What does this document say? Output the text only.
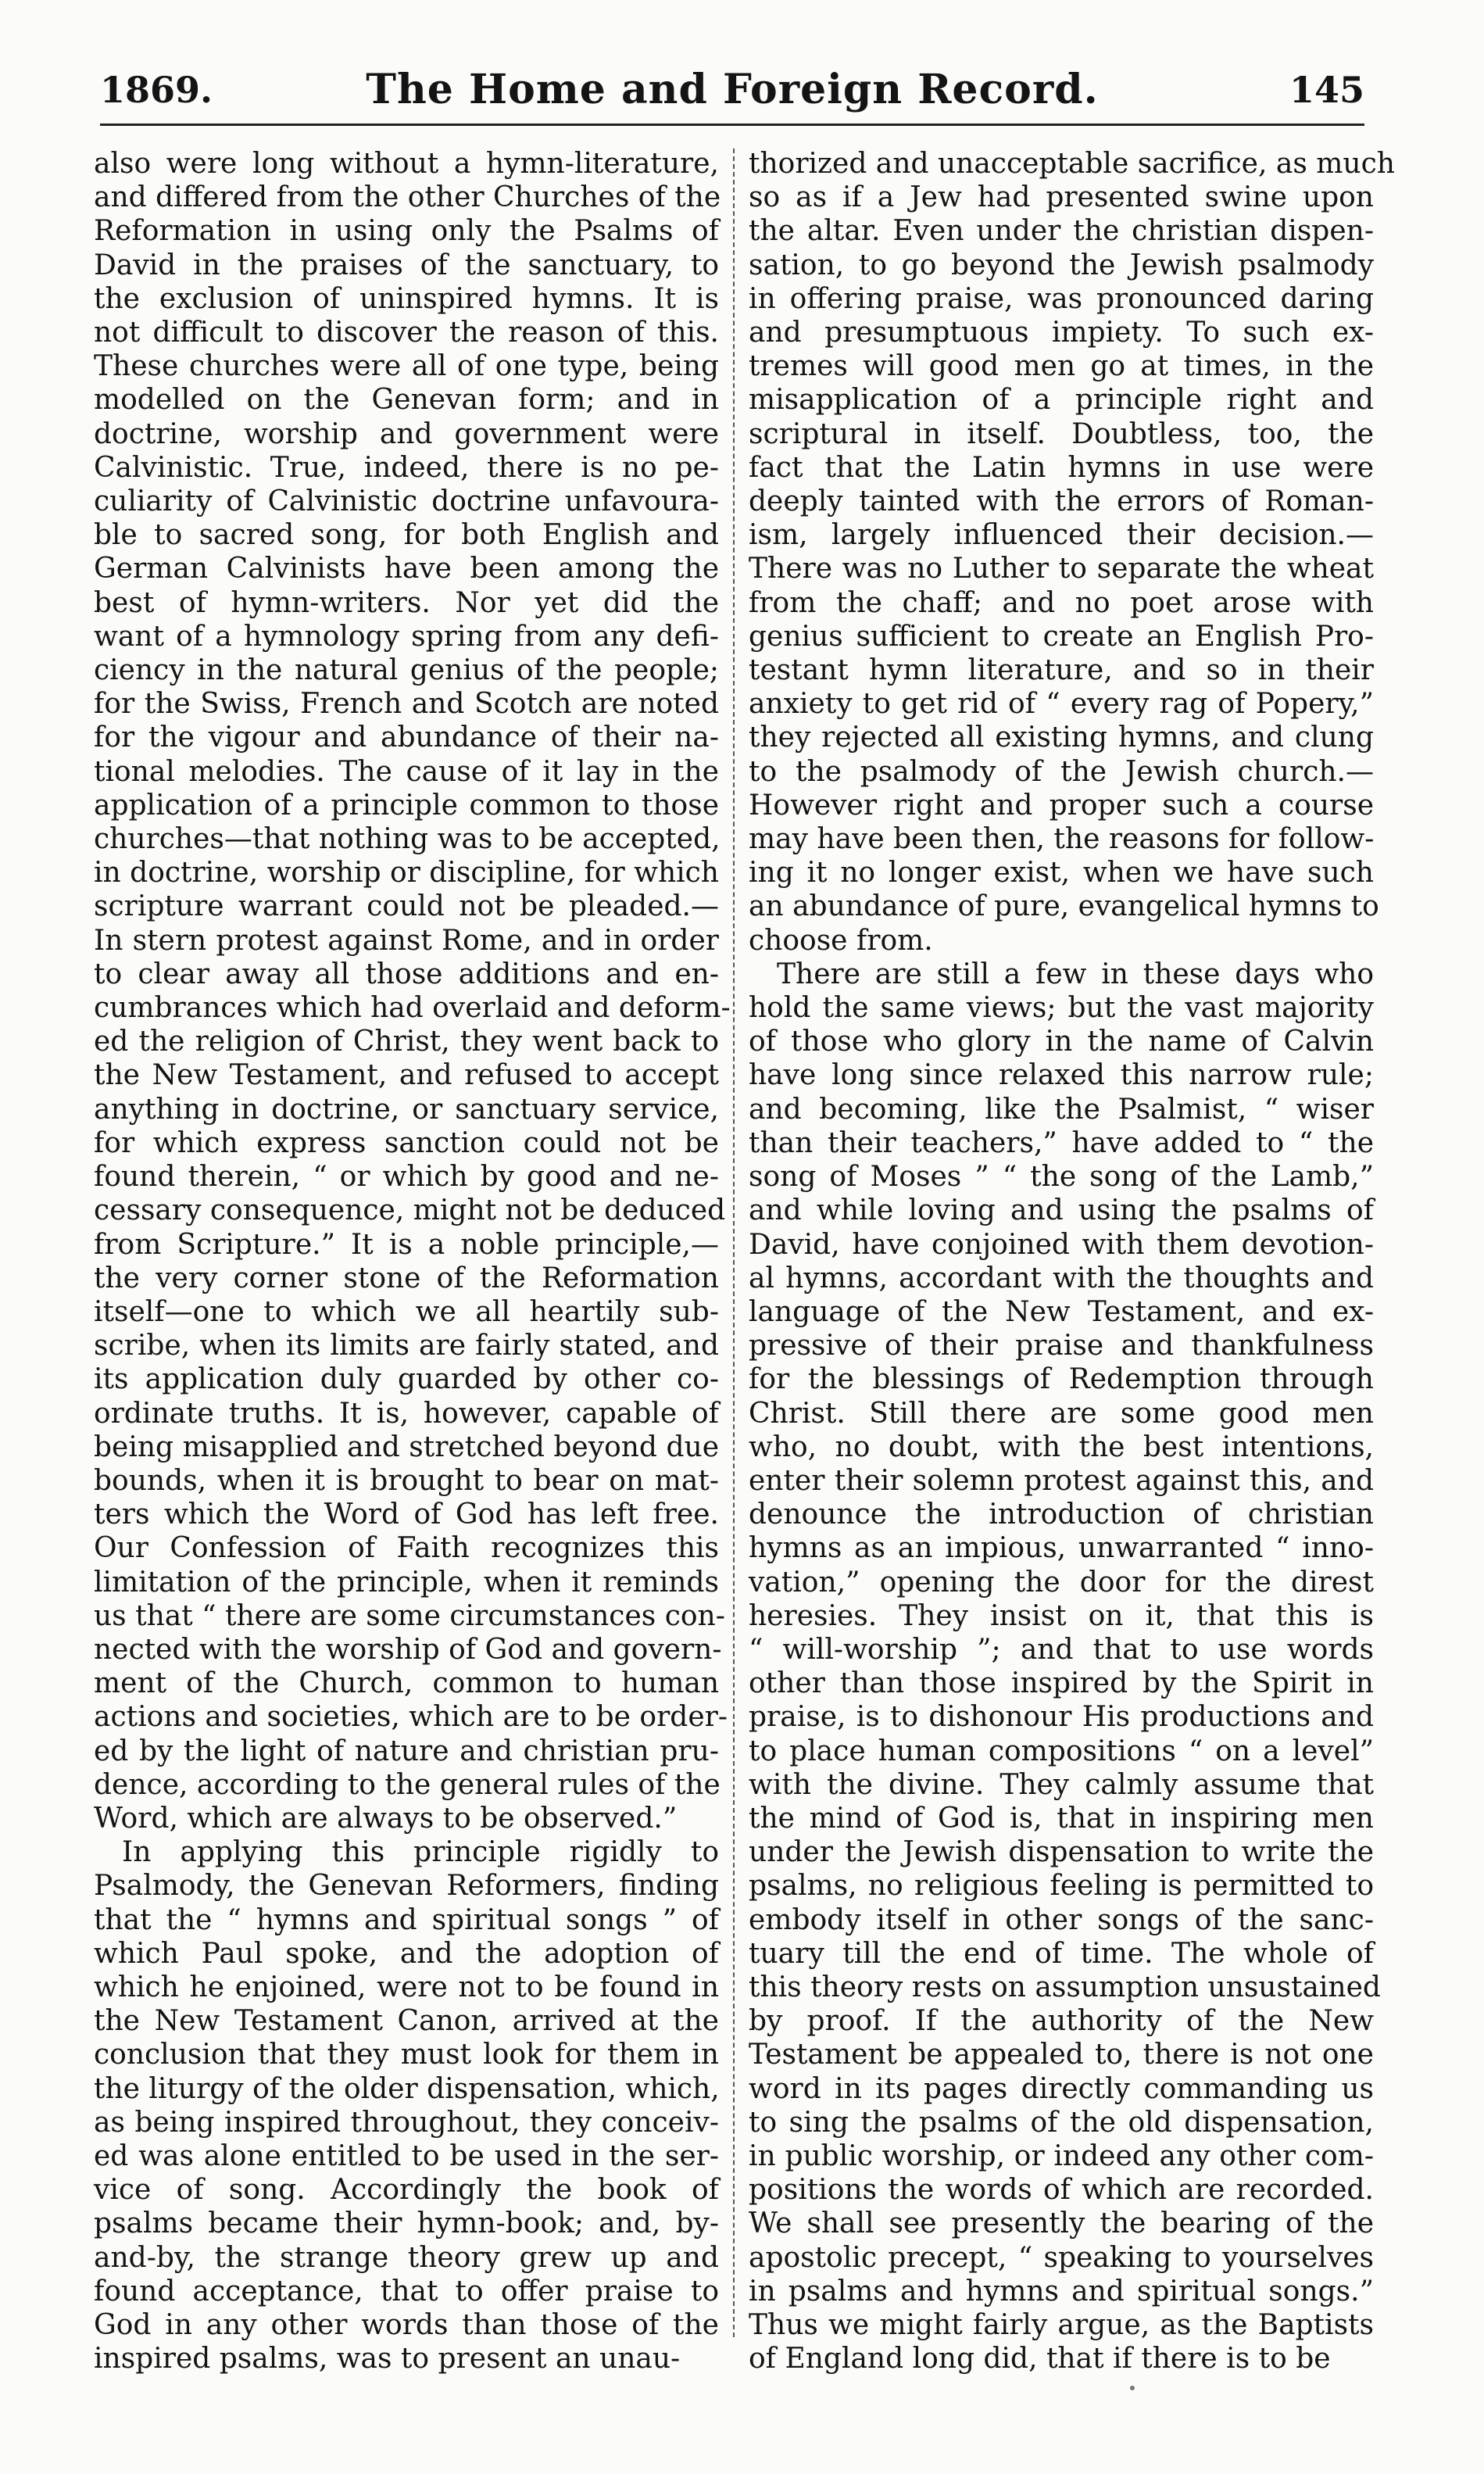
1869.	The Home and Foreign Record.	145
also were long without a hymn-literature,
and differed from the other Churches of the
Reformation in using only the Psalms of
David in the praises of the sanctuary, to
the exclusion of uninspired hymns. It is
not difficult to discover the reason of this.
These churches were all of one type, being
modelled on the Genevan form; and in
doctrine, worship and government were
Calvinistic. True, indeed, there is no pe-
culiarity of Calvinistic doctrine unfavoura-
ble to sacred song, for both English and
German Calvinists have been among the
best of hymn-writers. Nor yet did the
want of a hymnology spring from any defi-
ciency in the natural genius of the people;
for the Swiss, French and Scotch are noted
for the vigour and abundance of their na-
tional melodies. The cause of it lay in the
application of a principle common to those
churches—that nothing was to be accepted,
in doctrine, worship or discipline, for which
scripture warrant could not be pleaded.—
In stern protest against Rome, and in order
to clear away all those additions and en-
cumbrances which had overlaid and deform-
ed the religion of Christ, they went back to
the New Testament, and refused to accept
anything in doctrine, or sanctuary service,
for which express sanction could not be
found therein, “ or which by good and ne-
cessary consequence, might not be deduced
from Scripture.” It is a noble principle,—
the very corner stone of the Reformation
itself—one to which we all heartily sub-
scribe, when its limits are fairly stated, and
its application duly guarded by other co-
ordinate truths. It is, however, capable of
being misapplied and stretched beyond due
bounds, when it is brought to bear on mat-
ters which the Word of God has left free.
Our Confession of Faith recognizes this
limitation of the principle, when it reminds
us that “ there are some circumstances con-
nected with the worship of God and govern-
ment of the Church, common to human
actions and societies, which are to be order-
ed by the light of nature and christian pru-
dence, according to the general rules of the
Word, which are always to be observed.”
In applying this principle rigidly to
Psalmody, the Genevan Reformers, finding
that the “ hymns and spiritual songs ” of
which Paul spoke, and the adoption of
which he enjoined, were not to be found in
the New Testament Canon, arrived at the
conclusion that they must look for them in
the liturgy of the older dispensation, which,
as being inspired throughout, they conceiv-
ed was alone entitled to be used in the ser-
vice of song. Accordingly the book of
psalms became their hymn-book; and, by-
and-by, the strange theory grew up and
found acceptance, that to offer praise to
God in any other words than those of the
inspired psalms, was to present an unau-
thorized and unacceptable sacrifice, as much
so as if a Jew had presented swine upon
the altar. Even under the christian dispen-
sation, to go beyond the Jewish psalmody
in offering praise, was pronounced daring
and presumptuous impiety. To such ex-
tremes will good men go at times, in the
misapplication of a principle right and
scriptural in itself. Doubtless, too, the
fact that the Latin hymns in use were
deeply tainted with the errors of Roman-
ism, largely influenced their decision.—
There was no Luther to separate the wheat
from the chaff; and no poet arose with
genius sufficient to create an English Pro-
testant hymn literature, and so in their
anxiety to get rid of “ every rag of Popery,”
they rejected all existing hymns, and clung
to the psalmody of the Jewish church.—
However right and proper such a course
may have been then, the reasons for follow-
ing it no longer exist, when we have such
an abundance of pure, evangelical hymns to
choose from.
There are still a few in these days who
hold the same views; but the vast majority
of those who glory in the name of Calvin
have long since relaxed this narrow rule;
and becoming, like the Psalmist, “ wiser
than their teachers,” have added to “ the
song of Moses ” “ the song of the Lamb,”
and while loving and using the psalms of
David, have conjoined with them devotion-
al hymns, accordant with the thoughts and
language of the New Testament, and ex-
pressive of their praise and thankfulness
for the blessings of Redemption through
Christ. Still there are some good men
who, no doubt, with the best intentions,
enter their solemn protest against this, and
denounce the introduction of christian
hymns as an impious, unwarranted “ inno-
vation,” opening the door for the direst
heresies. They insist on it, that this is
“ will-worship ”; and that to use words
other than those inspired by the Spirit in
praise, is to dishonour His productions and
to place human compositions “ on a level”
with the divine. They calmly assume that
the mind of God is, that in inspiring men
under the Jewish dispensation to write the
psalms, no religious feeling is permitted to
embody itself in other songs of the sanc-
tuary till the end of time. The whole of
this theory rests on assumption unsustained
by proof. If the authority of the New
Testament be appealed to, there is not one
word in its pages directly commanding us
to sing the psalms of the old dispensation,
in public worship, or indeed any other com-
positions the words of which are recorded.
We shall see presently the bearing of the
apostolic precept, “ speaking to yourselves
in psalms and hymns and spiritual songs.”
Thus we might fairly argue, as the Baptists
of England long did, that if there is to be
